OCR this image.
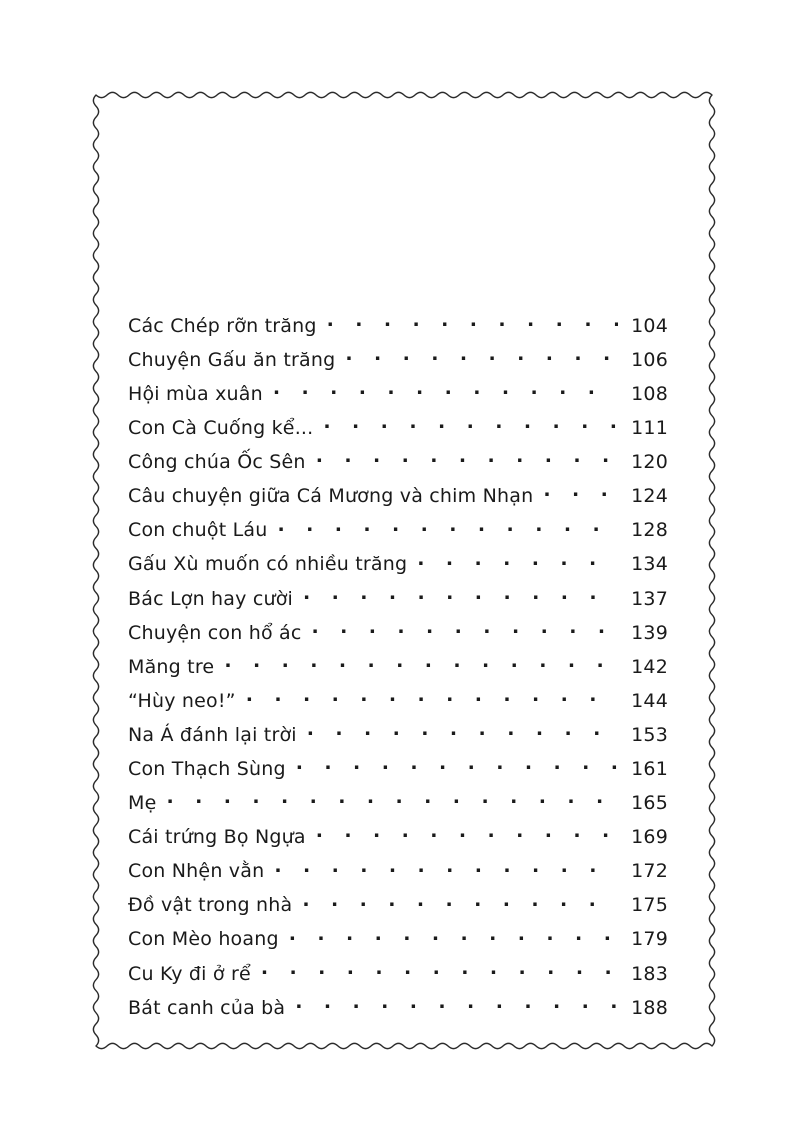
Các Chép rỡn trăng . . .	104
Chuyện Gấu ăn trăng . . .	106
Hội mùa xuân . . .	108
Con Cà Cuống kể... . . .	111
Công chúa Ốc Sên . . .	120
Câu chuyện giữa Cá Mương và chim Nhạn . . .	124
Con chuột Láu . . .	128
Gấu Xù muốn có nhiều trăng . . .	134
Bác Lợn hay cười . . .	137
Chuyện con hổ ác . . .	139
Măng tre . . .	142
“Hùy neo!” . . .	144
Na Á đánh lại trời . . .	153
Con Thạch Sùng . . .	161
Mẹ . . .	165
Cái trứng Bọ Ngựa . . .	169
Con Nhện vằn . . .	172
Đồ vật trong nhà . . .	175
Con Mèo hoang . . .	179
Cu Ky đi ở rể . . .	183
Bát canh của bà . . .	188
